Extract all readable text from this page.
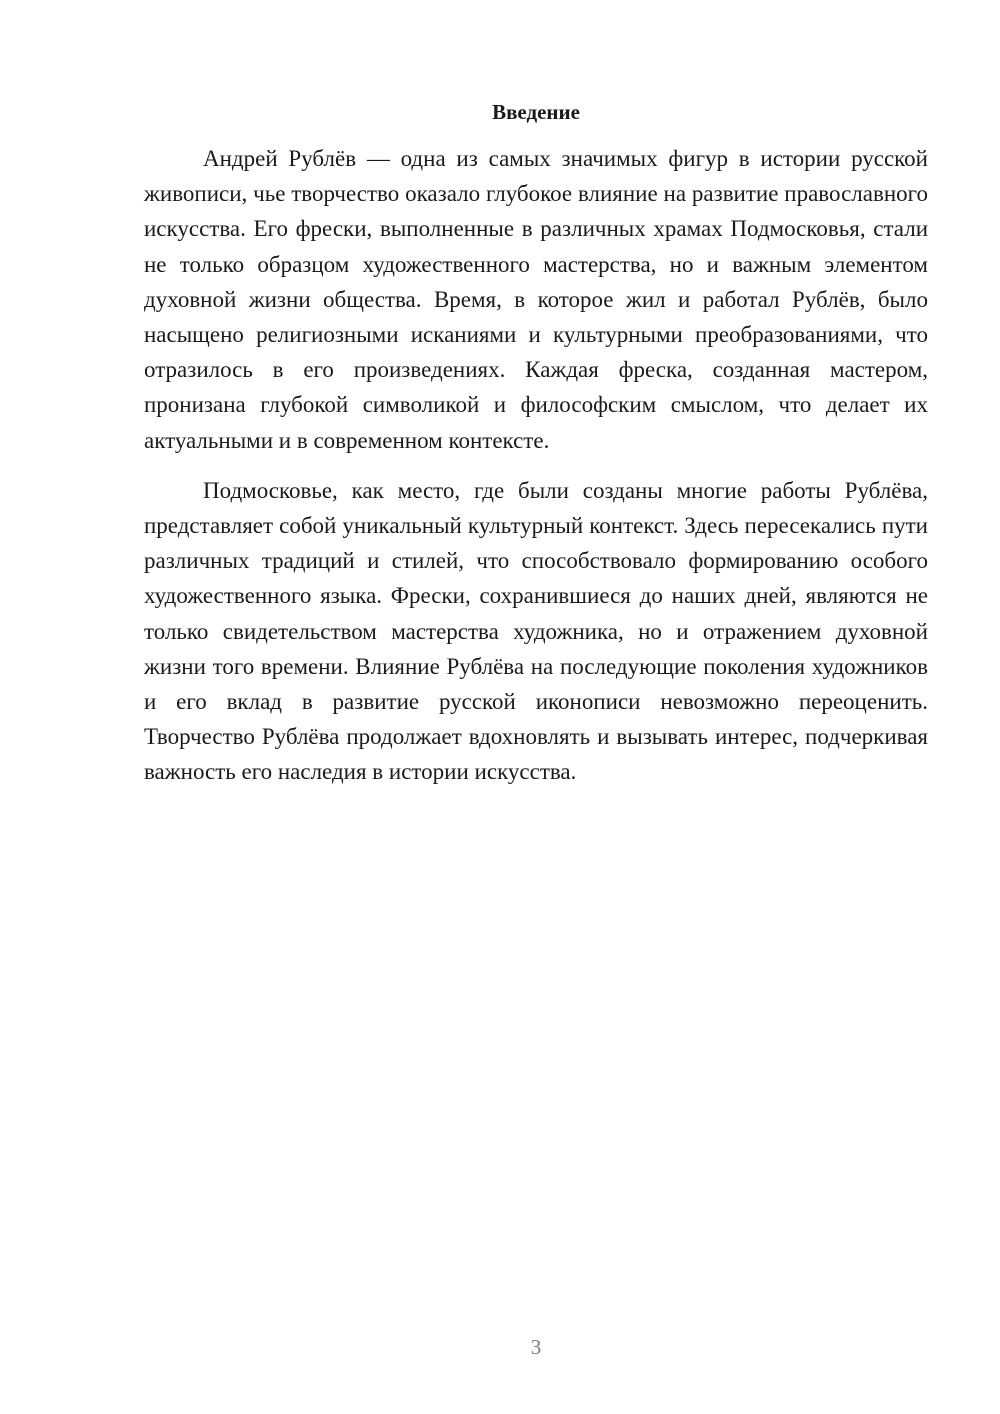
Введение

Андрей Рублёв — одна из самых значимых фигур в истории русской живописи, чье творчество оказало глубокое влияние на развитие православного искусства. Его фрески, выполненные в различных храмах Подмосковья, стали не только образцом художественного мастерства, но и важным элементом духовной жизни общества. Время, в которое жил и работал Рублёв, было насыщено религиозными исканиями и культурными преобразованиями, что отразилось в его произведениях. Каждая фреска, созданная мастером, пронизана глубокой символикой и философским смыслом, что делает их актуальными и в современном контексте.

Подмосковье, как место, где были созданы многие работы Рублёва, представляет собой уникальный культурный контекст. Здесь пересекались пути различных традиций и стилей, что способствовало формированию особого художественного языка. Фрески, сохранившиеся до наших дней, являются не только свидетельством мастерства художника, но и отражением духовной жизни того времени. Влияние Рублёва на последующие поколения художников и его вклад в развитие русской иконописи невозможно переоценить. Творчество Рублёва продолжает вдохновлять и вызывать интерес, подчеркивая важность его наследия в истории искусства.

3
